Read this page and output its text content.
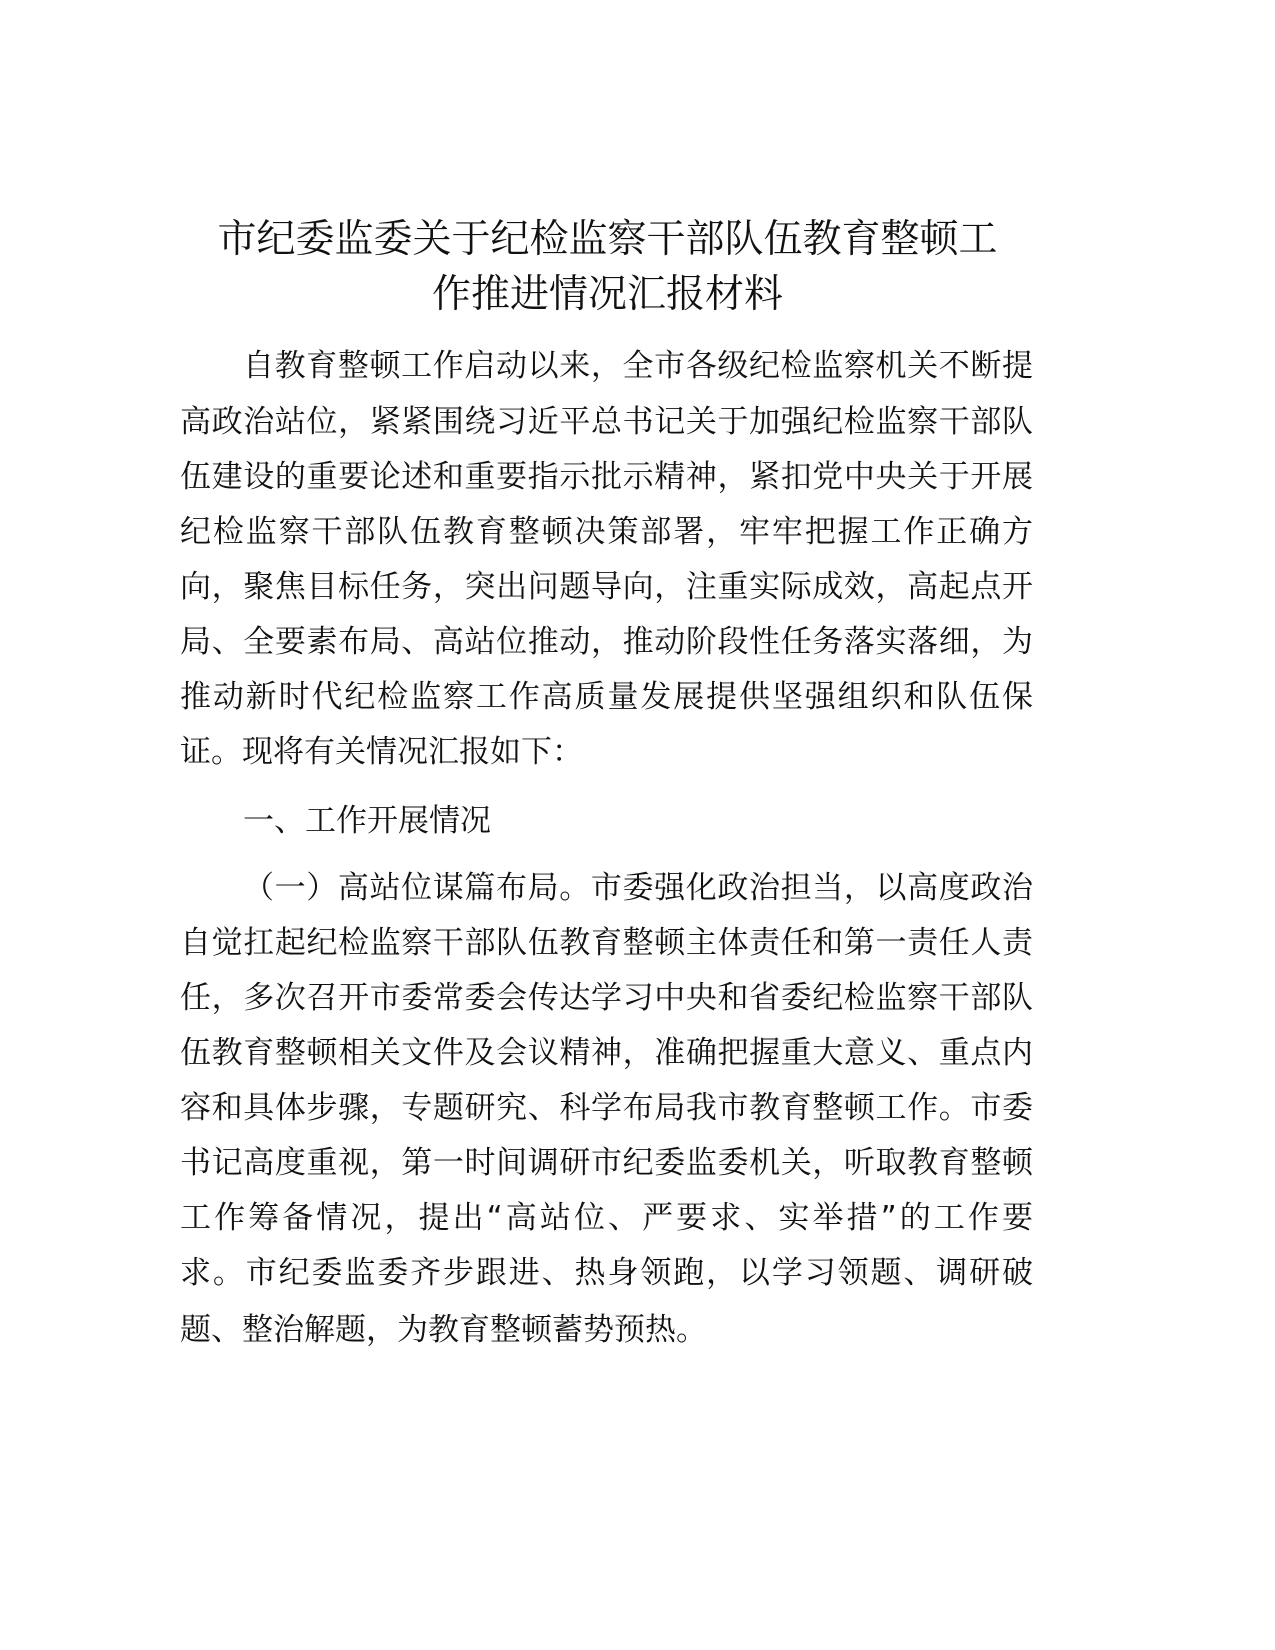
市纪委监委关于纪检监察干部队伍教育整顿工
作推进情况汇报材料
自教育整顿工作启动以来，全市各级纪检监察机关不断提
高政治站位，紧紧围绕习近平总书记关于加强纪检监察干部队
伍建设的重要论述和重要指示批示精神，紧扣党中央关于开展
纪检监察干部队伍教育整顿决策部署，牢牢把握工作正确方
向，聚焦目标任务，突出问题导向，注重实际成效，高起点开
局、全要素布局、高站位推动，推动阶段性任务落实落细，为
推动新时代纪检监察工作高质量发展提供坚强组织和队伍保
证。现将有关情况汇报如下：
一、工作开展情况
（一）高站位谋篇布局。市委强化政治担当，以高度政治
自觉扛起纪检监察干部队伍教育整顿主体责任和第一责任人责
任，多次召开市委常委会传达学习中央和省委纪检监察干部队
伍教育整顿相关文件及会议精神，准确把握重大意义、重点内
容和具体步骤，专题研究、科学布局我市教育整顿工作。市委
书记高度重视，第一时间调研市纪委监委机关，听取教育整顿
工作筹备情况，提出“高站位、严要求、实举措”的工作要
求。市纪委监委齐步跟进、热身领跑，以学习领题、调研破
题、整治解题，为教育整顿蓄势预热。
